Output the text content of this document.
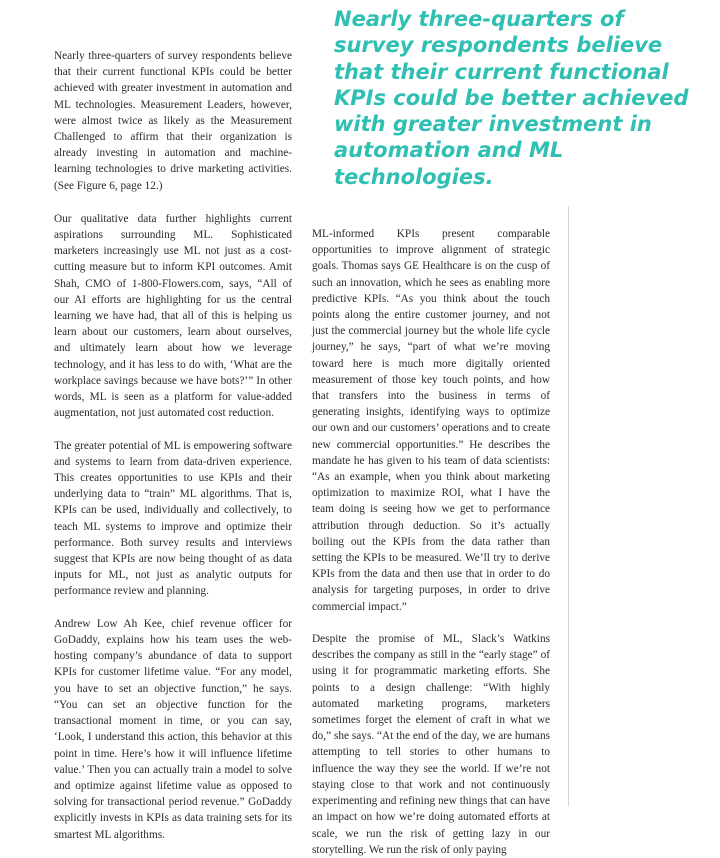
Nearly three-quarters of survey respondents believe that their current functional KPIs could be better achieved with greater investment in automation and ML technologies.

Nearly three-quarters of survey respondents believe that their current functional KPIs could be better achieved with greater investment in automation and ML technologies. Measurement Leaders, however, were almost twice as likely as the Measurement Challenged to affirm that their organization is already investing in automation and machine-learning technologies to drive marketing activities. (See Figure 6, page 12.)

Our qualitative data further highlights current aspirations surrounding ML. Sophisticated marketers increasingly use ML not just as a cost-cutting measure but to inform KPI outcomes. Amit Shah, CMO of 1-800-Flowers.com, says, “All of our AI efforts are highlighting for us the central learning we have had, that all of this is helping us learn about our customers, learn about ourselves, and ultimately learn about how we leverage technology, and it has less to do with, ‘What are the workplace savings because we have bots?’” In other words, ML is seen as a platform for value-added augmentation, not just automated cost reduction.

The greater potential of ML is empowering software and systems to learn from data-driven experience. This creates opportunities to use KPIs and their underlying data to “train” ML algorithms. That is, KPIs can be used, individually and collectively, to teach ML systems to improve and optimize their performance. Both survey results and interviews suggest that KPIs are now being thought of as data inputs for ML, not just as analytic outputs for performance review and planning.

Andrew Low Ah Kee, chief revenue officer for GoDaddy, explains how his team uses the web-hosting company’s abundance of data to support KPIs for customer lifetime value. “For any model, you have to set an objective function,” he says. “You can set an objective function for the transactional moment in time, or you can say, ‘Look, I understand this action, this behavior at this point in time. Here’s how it will influence lifetime value.’ Then you can actually train a model to solve and optimize against lifetime value as opposed to solving for transactional period revenue.” GoDaddy explicitly invests in KPIs as data training sets for its smartest ML algorithms.

ML-informed KPIs present comparable opportunities to improve alignment of strategic goals. Thomas says GE Healthcare is on the cusp of such an innovation, which he sees as enabling more predictive KPIs. “As you think about the touch points along the entire customer journey, and not just the commercial journey but the whole life cycle journey,” he says, “part of what we’re moving toward here is much more digitally oriented measurement of those key touch points, and how that transfers into the business in terms of generating insights, identifying ways to optimize our own and our customers’ operations and to create new commercial opportunities.” He describes the mandate he has given to his team of data scientists: “As an example, when you think about marketing optimization to maximize ROI, what I have the team doing is seeing how we get to performance attribution through deduction. So it’s actually boiling out the KPIs from the data rather than setting the KPIs to be measured. We’ll try to derive KPIs from the data and then use that in order to do analysis for targeting purposes, in order to drive commercial impact.”

Despite the promise of ML, Slack’s Watkins describes the company as still in the “early stage” of using it for programmatic marketing efforts. She points to a design challenge: “With highly automated marketing programs, marketers sometimes forget the element of craft in what we do,” she says. “At the end of the day, we are humans attempting to tell stories to other humans to influence the way they see the world. If we’re not staying close to that work and not continuously experimenting and refining new things that can have an impact on how we’re doing automated efforts at scale, we run the risk of getting lazy in our storytelling. We run the risk of only paying
